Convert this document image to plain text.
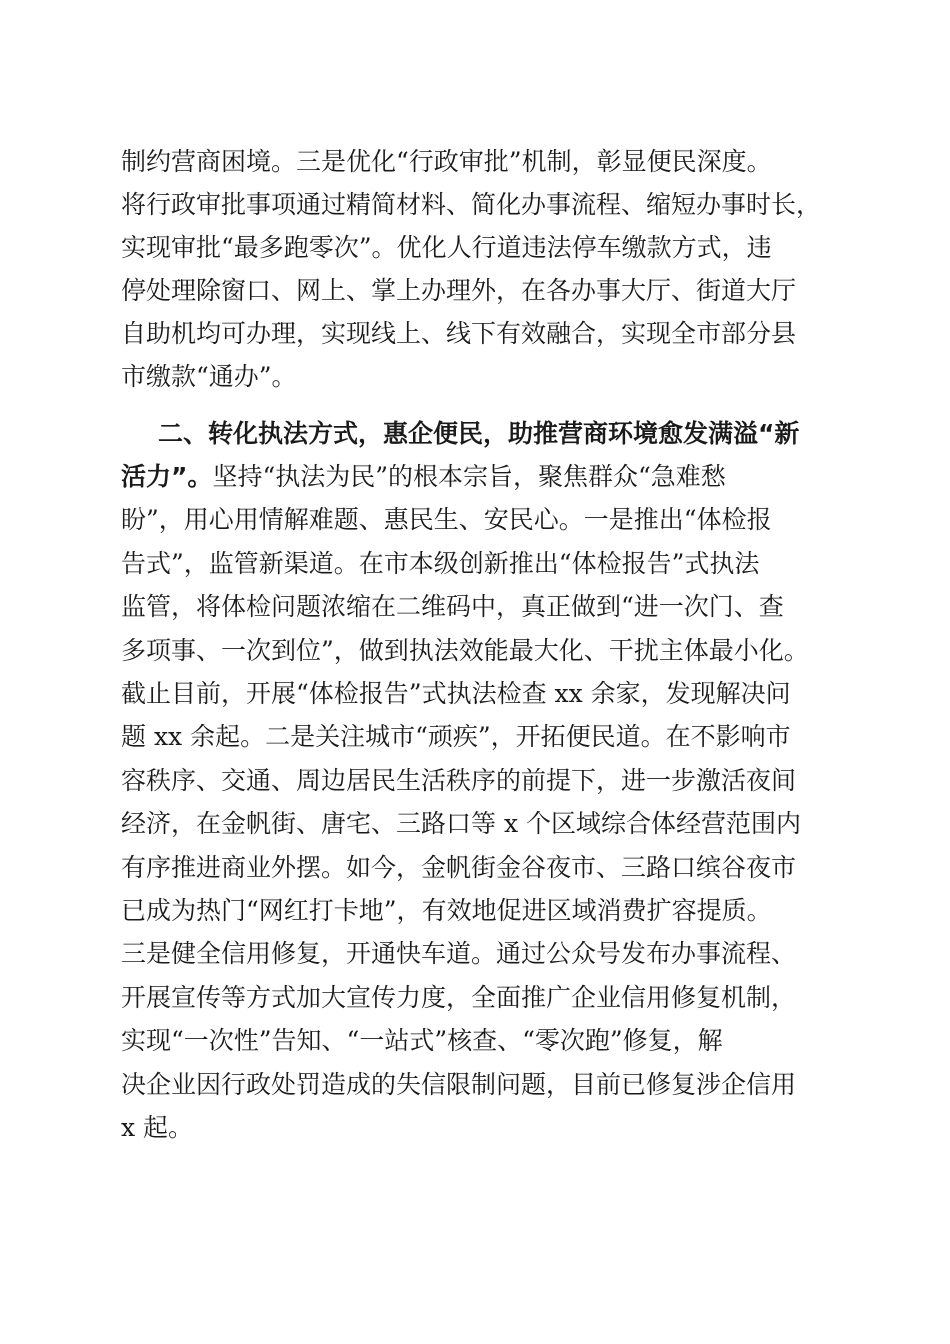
制约营商困境。三是优化“行政审批”机制，彰显便民深度。
将行政审批事项通过精简材料、简化办事流程、缩短办事时长，
实现审批“最多跑零次”。优化人行道违法停车缴款方式，违
停处理除窗口、网上、掌上办理外，在各办事大厅、街道大厅
自助机均可办理，实现线上、线下有效融合，实现全市部分县
市缴款“通办”。
二、转化执法方式，惠企便民，助推营商环境愈发满溢“新
活力”。坚持“执法为民”的根本宗旨，聚焦群众“急难愁
盼”，用心用情解难题、惠民生、安民心。一是推出“体检报
告式”，监管新渠道。在市本级创新推出“体检报告”式执法
监管，将体检问题浓缩在二维码中，真正做到“进一次门、查
多项事、一次到位”，做到执法效能最大化、干扰主体最小化。
截止目前，开展“体检报告”式执法检查 xx 余家，发现解决问
题 xx 余起。二是关注城市“顽疾”，开拓便民道。在不影响市
容秩序、交通、周边居民生活秩序的前提下，进一步激活夜间
经济，在金帆街、唐宅、三路口等 x 个区域综合体经营范围内
有序推进商业外摆。如今，金帆街金谷夜市、三路口缤谷夜市
已成为热门“网红打卡地”，有效地促进区域消费扩容提质。
三是健全信用修复，开通快车道。通过公众号发布办事流程、
开展宣传等方式加大宣传力度，全面推广企业信用修复机制，
实现“一次性”告知、“一站式”核查、“零次跑”修复，解
决企业因行政处罚造成的失信限制问题，目前已修复涉企信用
x 起。
